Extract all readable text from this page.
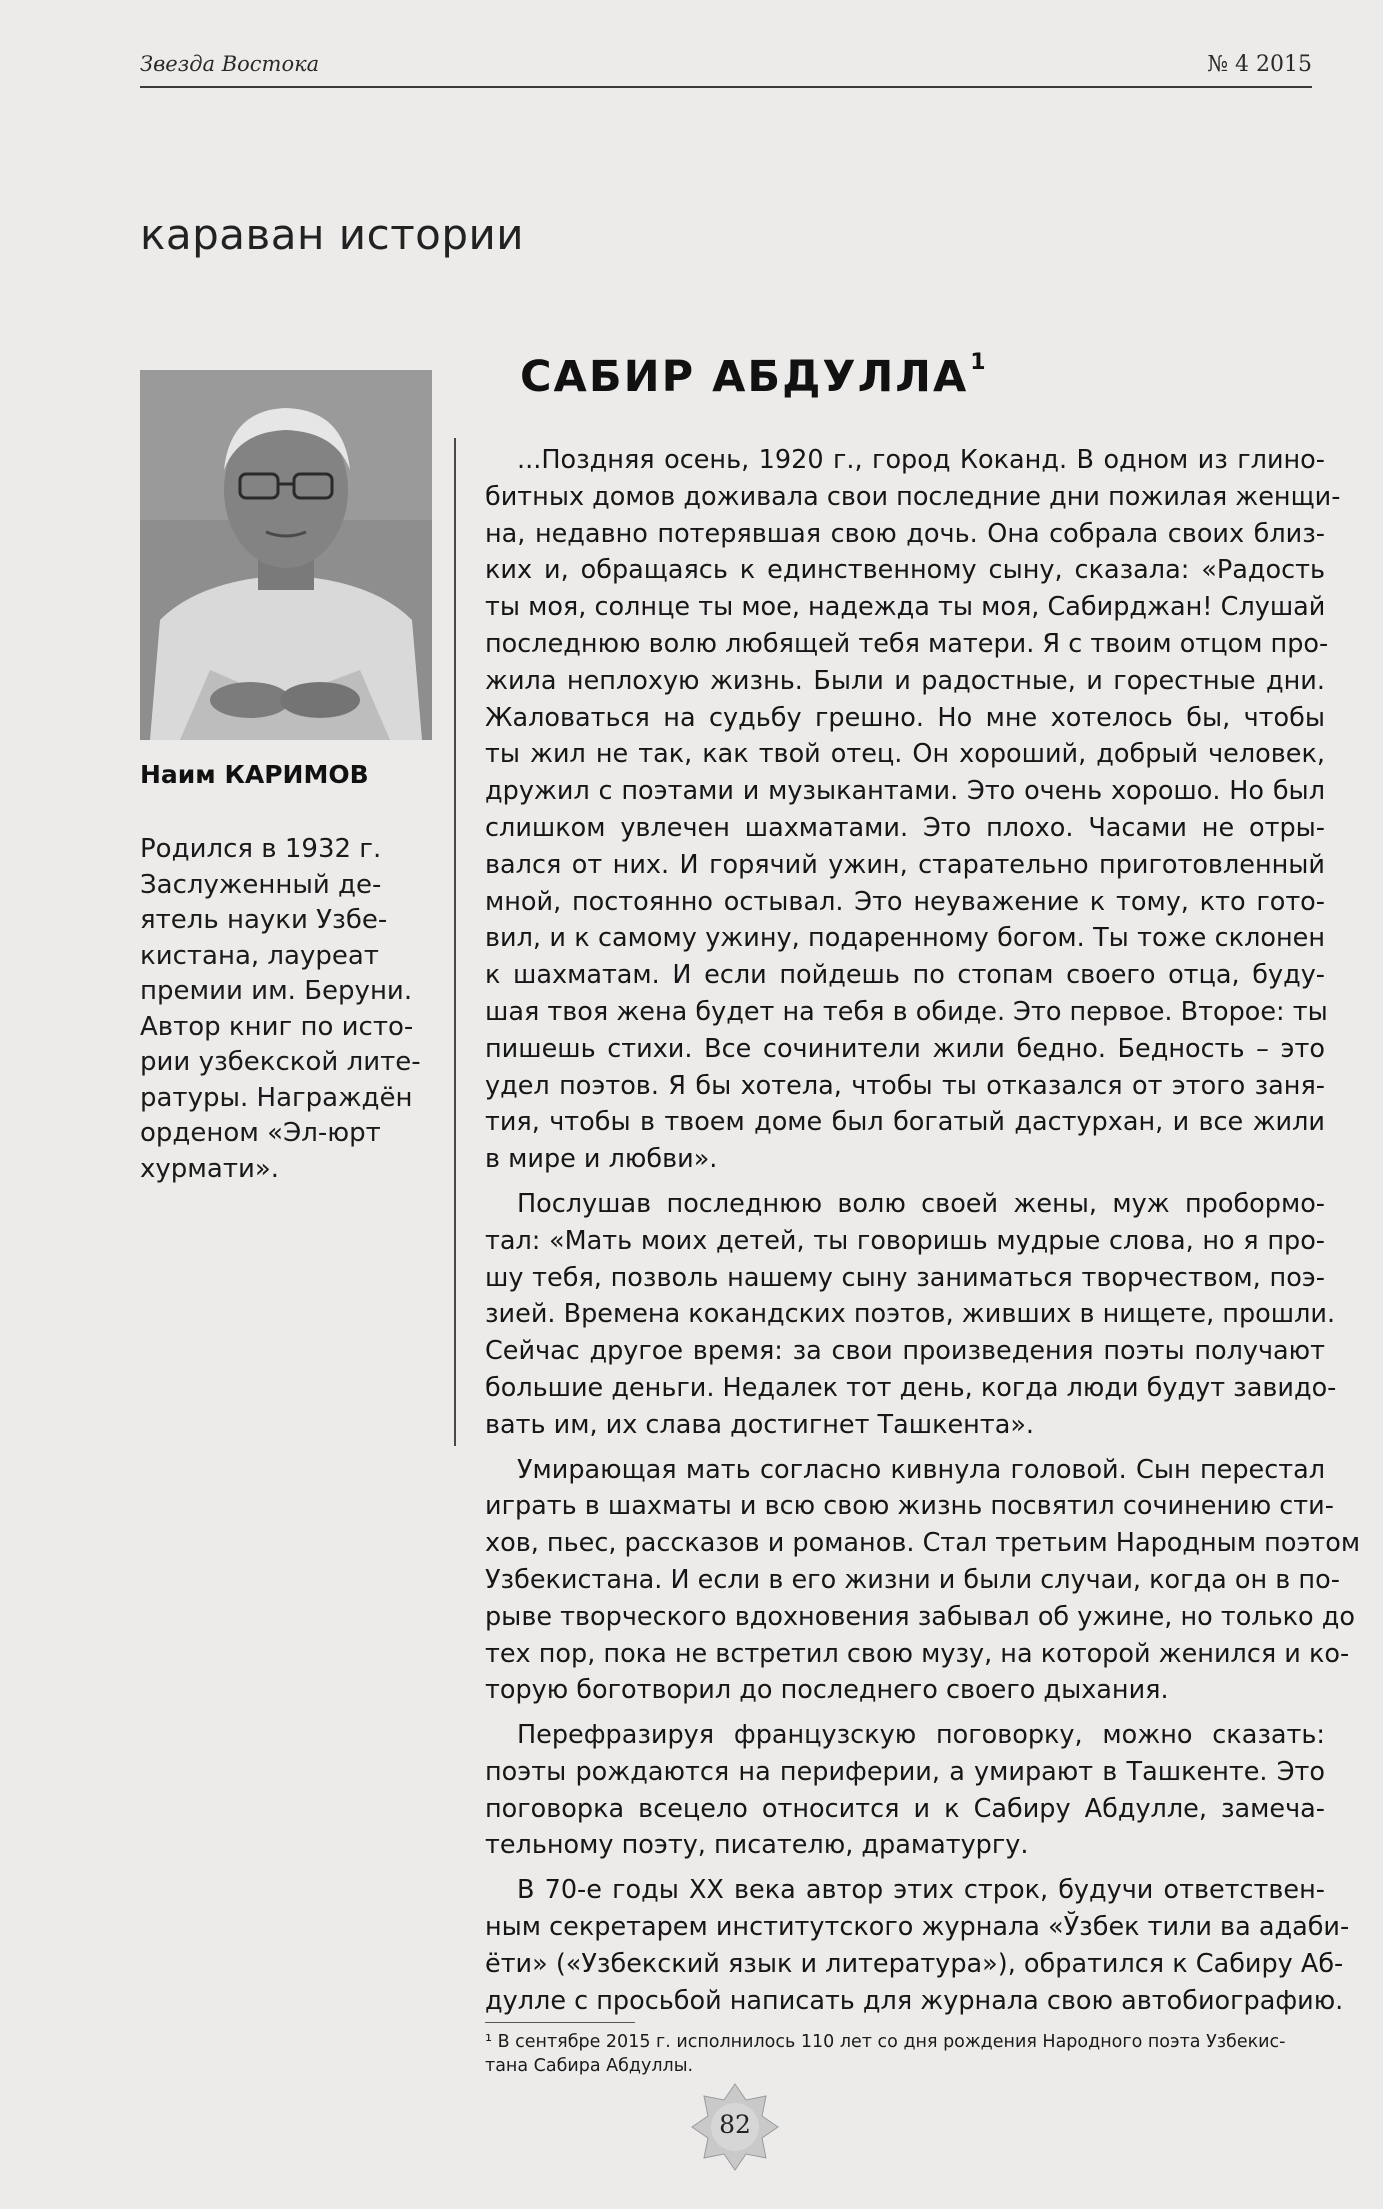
Звезда Востока	№ 4 2015
караван истории
Наим КАРИМОВ
Родился в 1932 г.
Заслуженный де-
ятель науки Узбе-
кистана, лауреат
премии им. Беруни.
Автор книг по исто-
рии узбекской лите-
ратуры. Награждён
орденом «Эл-юрт
хурмати».
САБИР АБДУЛЛА$^1$
...Поздняя осень, 1920 г., город Коканд. В одном из глино-
битных домов доживала свои последние дни пожилая женщи-
на, недавно потерявшая свою дочь. Она собрала своих близ-
ких и, обращаясь к единственному сыну, сказала: «Радость
ты моя, солнце ты мое, надежда ты моя, Сабирджан! Слушай
последнюю волю любящей тебя матери. Я с твоим отцом про-
жила неплохую жизнь. Были и радостные, и горестные дни.
Жаловаться на судьбу грешно. Но мне хотелось бы, чтобы
ты жил не так, как твой отец. Он хороший, добрый человек,
дружил с поэтами и музыкантами. Это очень хорошо. Но был
слишком увлечен шахматами. Это плохо. Часами не отры-
вался от них. И горячий ужин, старательно приготовленный
мной, постоянно остывал. Это неуважение к тому, кто гото-
вил, и к самому ужину, подаренному богом. Ты тоже склонен
к шахматам. И если пойдешь по стопам своего отца, буду-
шая твоя жена будет на тебя в обиде. Это первое. Второе: ты
пишешь стихи. Все сочинители жили бедно. Бедность – это
удел поэтов. Я бы хотела, чтобы ты отказался от этого заня-
тия, чтобы в твоем доме был богатый дастурхан, и все жили
в мире и любви».
Послушав последнюю волю своей жены, муж пробормо-
тал: «Мать моих детей, ты говоришь мудрые слова, но я про-
шу тебя, позволь нашему сыну заниматься творчеством, поэ-
зией. Времена кокандских поэтов, живших в нищете, прошли.
Сейчас другое время: за свои произведения поэты получают
большие деньги. Недалек тот день, когда люди будут завидо-
вать им, их слава достигнет Ташкента».
Умирающая мать согласно кивнула головой. Сын перестал
играть в шахматы и всю свою жизнь посвятил сочинению сти-
хов, пьес, рассказов и романов. Стал третьим Народным поэтом
Узбекистана. И если в его жизни и были случаи, когда он в по-
рыве творческого вдохновения забывал об ужине, но только до
тех пор, пока не встретил свою музу, на которой женился и ко-
торую боготворил до последнего своего дыхания.
Перефразируя французскую поговорку, можно сказать:
поэты рождаются на периферии, а умирают в Ташкенте. Это
поговорка всецело относится и к Сабиру Абдулле, замеча-
тельному поэту, писателю, драматургу.
В 70-е годы XX века автор этих строк, будучи ответствен-
ным секретарем институтского журнала «Ўзбек тили ва адаби-
ёти» («Узбекский язык и литература»), обратился к Сабиру Аб-
дулле с просьбой написать для журнала свою автобиографию.
¹ В сентябре 2015 г. исполнилось 110 лет со дня рождения Народного поэта Узбекис-
тана Сабира Абдуллы.
82
